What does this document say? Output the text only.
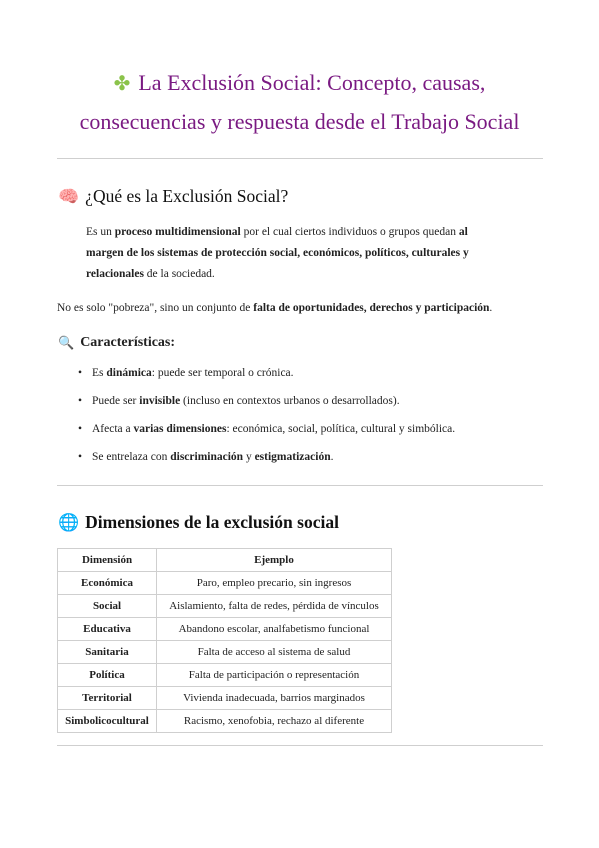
✤ La Exclusión Social: Concepto, causas,
consecuencias y respuesta desde el Trabajo Social
🧠 ¿Qué es la Exclusión Social?

Es un proceso multidimensional por el cual ciertos individuos o grupos quedan al margen de los sistemas de protección social, económicos, políticos, culturales y relacionales de la sociedad.

No es solo "pobreza", sino un conjunto de falta de oportunidades, derechos y participación.

🔍 Características:
• Es dinámica: puede ser temporal o crónica.
• Puede ser invisible (incluso en contextos urbanos o desarrollados).
• Afecta a varias dimensiones: económica, social, política, cultural y simbólica.
• Se entrelaza con discriminación y estigmatización.
🌐 Dimensiones de la exclusión social
Dimensión	Ejemplo
Económica	Paro, empleo precario, sin ingresos
Social	Aislamiento, falta de redes, pérdida de vínculos
Educativa	Abandono escolar, analfabetismo funcional
Sanitaria	Falta de acceso al sistema de salud
Política	Falta de participación o representación
Territorial	Vivienda inadecuada, barrios marginados
Simbolicocultural	Racismo, xenofobia, rechazo al diferente
